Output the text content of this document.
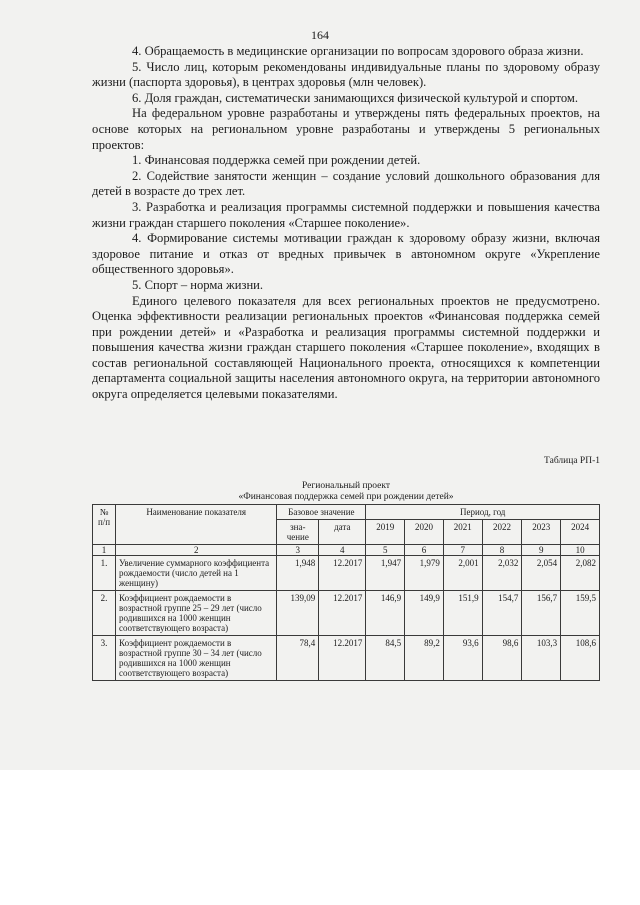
164

4. Обращаемость в медицинские организации по вопросам здорового образа жизни.

5. Число лиц, которым рекомендованы индивидуальные планы по здоровому образу жизни (паспорта здоровья), в центрах здоровья (млн человек).

6. Доля граждан, систематически занимающихся физической культурой и спортом.

На федеральном уровне разработаны и утверждены пять федеральных проектов, на основе которых на региональном уровне разработаны и утверждены 5 региональных проектов:

1. Финансовая поддержка семей при рождении детей.

2. Содействие занятости женщин – создание условий дошкольного образования для детей в возрасте до трех лет.

3. Разработка и реализация программы системной поддержки и повышения качества жизни граждан старшего поколения «Старшее поколение».

4. Формирование системы мотивации граждан к здоровому образу жизни, включая здоровое питание и отказ от вредных привычек в автономном округе «Укрепление общественного здоровья».

5. Спорт – норма жизни.

Единого целевого показателя для всех региональных проектов не предусмотрено. Оценка эффективности реализации региональных проектов «Финансовая поддержка семей при рождении детей» и «Разработка и реализация программы системной поддержки и повышения качества жизни граждан старшего поколения «Старшее поколение», входящих в состав региональной составляющей Национального проекта, относящихся к компетенции департамента социальной защиты населения автономного округа, на территории автономного округа определяется целевыми показателями.

Таблица РП-1
Региональный проект
«Финансовая поддержка семей при рождении детей»
№ п/п	Наименование показателя	Базовое значение		Период, год					
		зна-чение	дата	2019	2020	2021	2022	2023	2024
1	2	3	4	5	6	7	8	9	10
1.	Увеличение суммарного коэффициента рождаемости (число детей на 1 женщину)	1,948	12.2017	1,947	1,979	2,001	2,032	2,054	2,082
2.	Коэффициент рождаемости в возрастной группе 25 – 29 лет (число родившихся на 1000 женщин соответствующего возраста)	139,09	12.2017	146,9	149,9	151,9	154,7	156,7	159,5
3.	Коэффициент рождаемости в возрастной группе 30 – 34 лет (число родившихся на 1000 женщин соответствующего возраста)	78,4	12.2017	84,5	89,2	93,6	98,6	103,3	108,6
